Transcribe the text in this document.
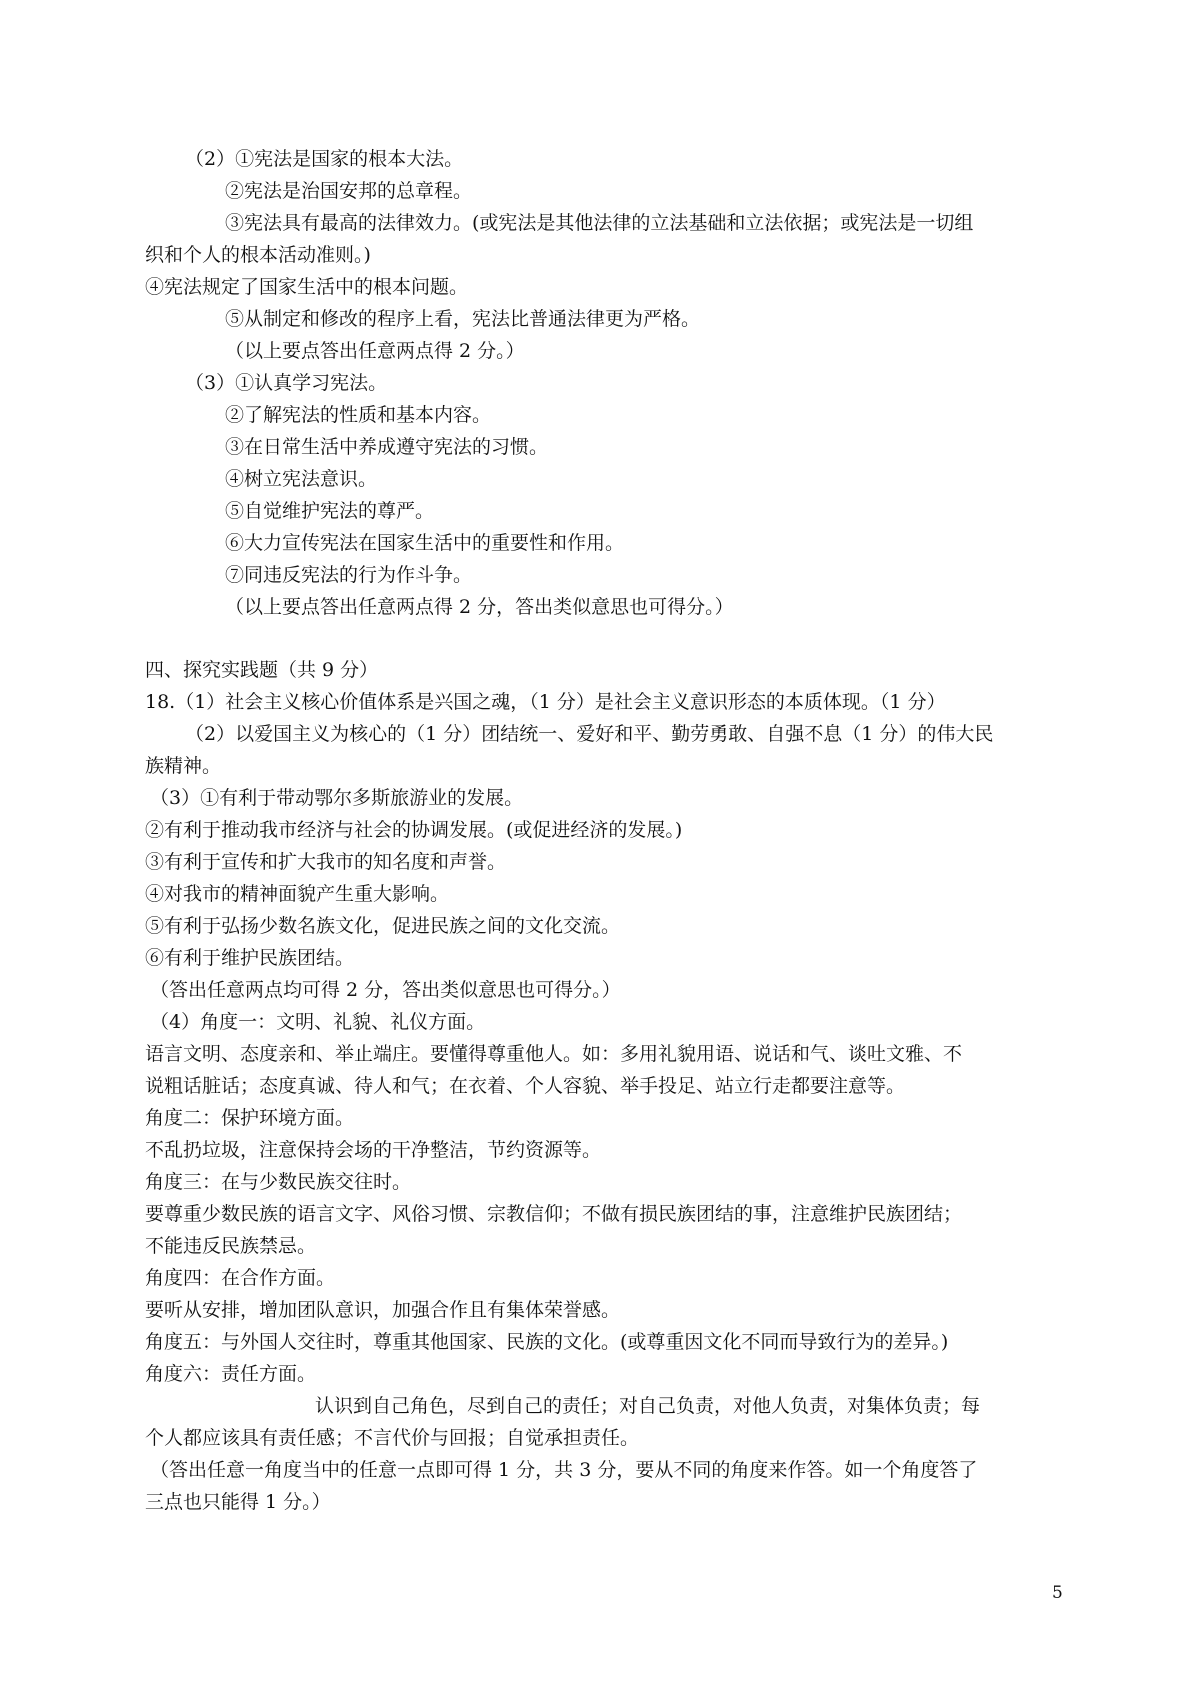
（2）①宪法是国家的根本大法。
②宪法是治国安邦的总章程。
③宪法具有最高的法律效力。(或宪法是其他法律的立法基础和立法依据；或宪法是一切组
织和个人的根本活动准则。)
④宪法规定了国家生活中的根本问题。
⑤从制定和修改的程序上看，宪法比普通法律更为严格。
（以上要点答出任意两点得 2 分。）
（3）①认真学习宪法。
②了解宪法的性质和基本内容。
③在日常生活中养成遵守宪法的习惯。
④树立宪法意识。
⑤自觉维护宪法的尊严。
⑥大力宣传宪法在国家生活中的重要性和作用。
⑦同违反宪法的行为作斗争。
（以上要点答出任意两点得 2 分，答出类似意思也可得分。）
四、探究实践题（共 9 分）
18.（1）社会主义核心价值体系是兴国之魂，（1 分）是社会主义意识形态的本质体现。（1 分）
（2）以爱国主义为核心的（1 分）团结统一、爱好和平、勤劳勇敢、自强不息（1 分）的伟大民
族精神。
（3）①有利于带动鄂尔多斯旅游业的发展。
②有利于推动我市经济与社会的协调发展。(或促进经济的发展。)
③有利于宣传和扩大我市的知名度和声誉。
④对我市的精神面貌产生重大影响。
⑤有利于弘扬少数名族文化，促进民族之间的文化交流。
⑥有利于维护民族团结。
（答出任意两点均可得 2 分，答出类似意思也可得分。）
（4）角度一：文明、礼貌、礼仪方面。
语言文明、态度亲和、举止端庄。要懂得尊重他人。如：多用礼貌用语、说话和气、谈吐文雅、不
说粗话脏话；态度真诚、待人和气；在衣着、个人容貌、举手投足、站立行走都要注意等。
角度二：保护环境方面。
不乱扔垃圾，注意保持会场的干净整洁，节约资源等。
角度三：在与少数民族交往时。
要尊重少数民族的语言文字、风俗习惯、宗教信仰；不做有损民族团结的事，注意维护民族团结；
不能违反民族禁忌。
角度四：在合作方面。
要听从安排，增加团队意识，加强合作且有集体荣誉感。
角度五：与外国人交往时，尊重其他国家、民族的文化。(或尊重因文化不同而导致行为的差异。)
角度六：责任方面。
认识到自己角色，尽到自己的责任；对自己负责，对他人负责，对集体负责；每
个人都应该具有责任感；不言代价与回报；自觉承担责任。
（答出任意一角度当中的任意一点即可得 1 分，共 3 分，要从不同的角度来作答。如一个角度答了
三点也只能得 1 分。）
5
